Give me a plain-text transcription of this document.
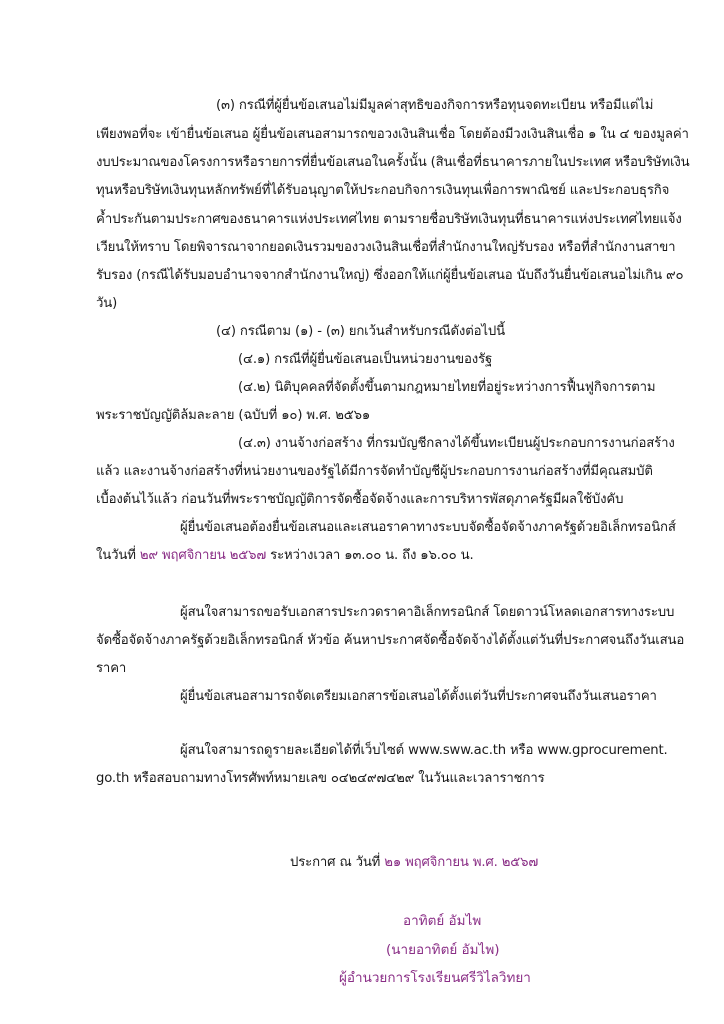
(๓) กรณีที่ผู้ยื่นข้อเสนอไม่มีมูลค่าสุทธิของกิจการหรือทุนจดทะเบียน หรือมีแต่ไม่
เพียงพอที่จะ เข้ายื่นข้อเสนอ ผู้ยื่นข้อเสนอสามารถขอวงเงินสินเชื่อ โดยต้องมีวงเงินสินเชื่อ ๑ ใน ๔ ของมูลค่า
งบประมาณของโครงการหรือรายการที่ยื่นข้อเสนอในครั้งนั้น (สินเชื่อที่ธนาคารภายในประเทศ หรือบริษัทเงิน
ทุนหรือบริษัทเงินทุนหลักทรัพย์ที่ได้รับอนุญาตให้ประกอบกิจการเงินทุนเพื่อการพาณิชย์ และประกอบธุรกิจ
ค้ำประกันตามประกาศของธนาคารแห่งประเทศไทย ตามรายชื่อบริษัทเงินทุนที่ธนาคารแห่งประเทศไทยแจ้ง
เวียนให้ทราบ โดยพิจารณาจากยอดเงินรวมของวงเงินสินเชื่อที่สำนักงานใหญ่รับรอง หรือที่สำนักงานสาขา
รับรอง (กรณีได้รับมอบอำนาจจากสำนักงานใหญ่) ซึ่งออกให้แก่ผู้ยื่นข้อเสนอ นับถึงวันยื่นข้อเสนอไม่เกิน ๙๐
วัน)
(๔) กรณีตาม (๑) - (๓) ยกเว้นสำหรับกรณีดังต่อไปนี้
(๔.๑) กรณีที่ผู้ยื่นข้อเสนอเป็นหน่วยงานของรัฐ
(๔.๒) นิติบุคคลที่จัดตั้งขึ้นตามกฎหมายไทยที่อยู่ระหว่างการฟื้นฟูกิจการตาม
พระราชบัญญัติล้มละลาย (ฉบับที่ ๑๐) พ.ศ. ๒๕๖๑
(๔.๓) งานจ้างก่อสร้าง ที่กรมบัญชีกลางได้ขึ้นทะเบียนผู้ประกอบการงานก่อสร้าง
แล้ว และงานจ้างก่อสร้างที่หน่วยงานของรัฐได้มีการจัดทำบัญชีผู้ประกอบการงานก่อสร้างที่มีคุณสมบัติ
เบื้องต้นไว้แล้ว ก่อนวันที่พระราชบัญญัติการจัดซื้อจัดจ้างและการบริหารพัสดุภาครัฐมีผลใช้บังคับ
ผู้ยื่นข้อเสนอต้องยื่นข้อเสนอและเสนอราคาทางระบบจัดซื้อจัดจ้างภาครัฐด้วยอิเล็กทรอนิกส์
ในวันที่ ๒๙ พฤศจิกายน ๒๕๖๗ ระหว่างเวลา ๑๓.๐๐ น. ถึง ๑๖.๐๐ น.
ผู้สนใจสามารถขอรับเอกสารประกวดราคาอิเล็กทรอนิกส์ โดยดาวน์โหลดเอกสารทางระบบ
จัดซื้อจัดจ้างภาครัฐด้วยอิเล็กทรอนิกส์ หัวข้อ ค้นหาประกาศจัดซื้อจัดจ้างได้ตั้งแต่วันที่ประกาศจนถึงวันเสนอ
ราคา
ผู้ยื่นข้อเสนอสามารถจัดเตรียมเอกสารข้อเสนอได้ตั้งแต่วันที่ประกาศจนถึงวันเสนอราคา
ผู้สนใจสามารถดูรายละเอียดได้ที่เว็บไซต์ www.sww.ac.th หรือ www.gprocurement.
go.th หรือสอบถามทางโทรศัพท์หมายเลข ๐๔๒๔๙๗๔๒๙ ในวันและเวลาราชการ
ประกาศ ณ วันที่ ๒๑ พฤศจิกายน พ.ศ. ๒๕๖๗
อาทิตย์ อัมไพ
(นายอาทิตย์ อัมไพ)
ผู้อำนวยการโรงเรียนศรีวิไลวิทยา
